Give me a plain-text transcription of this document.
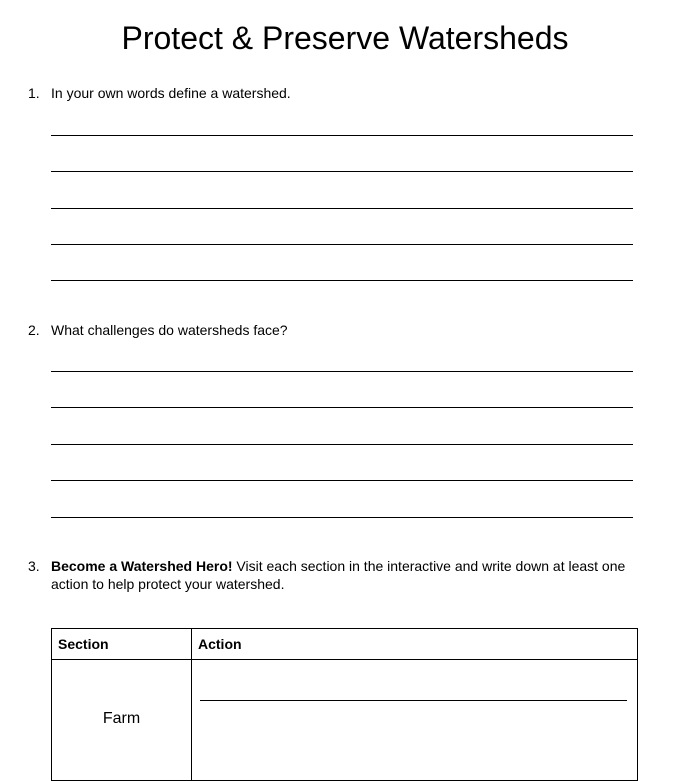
Protect & Preserve Watersheds
1. In your own words define a watershed.
2. What challenges do watersheds face?
3. Become a Watershed Hero! Visit each section in the interactive and write down at least one action to help protect your watershed.
Section	Action
Farm	
